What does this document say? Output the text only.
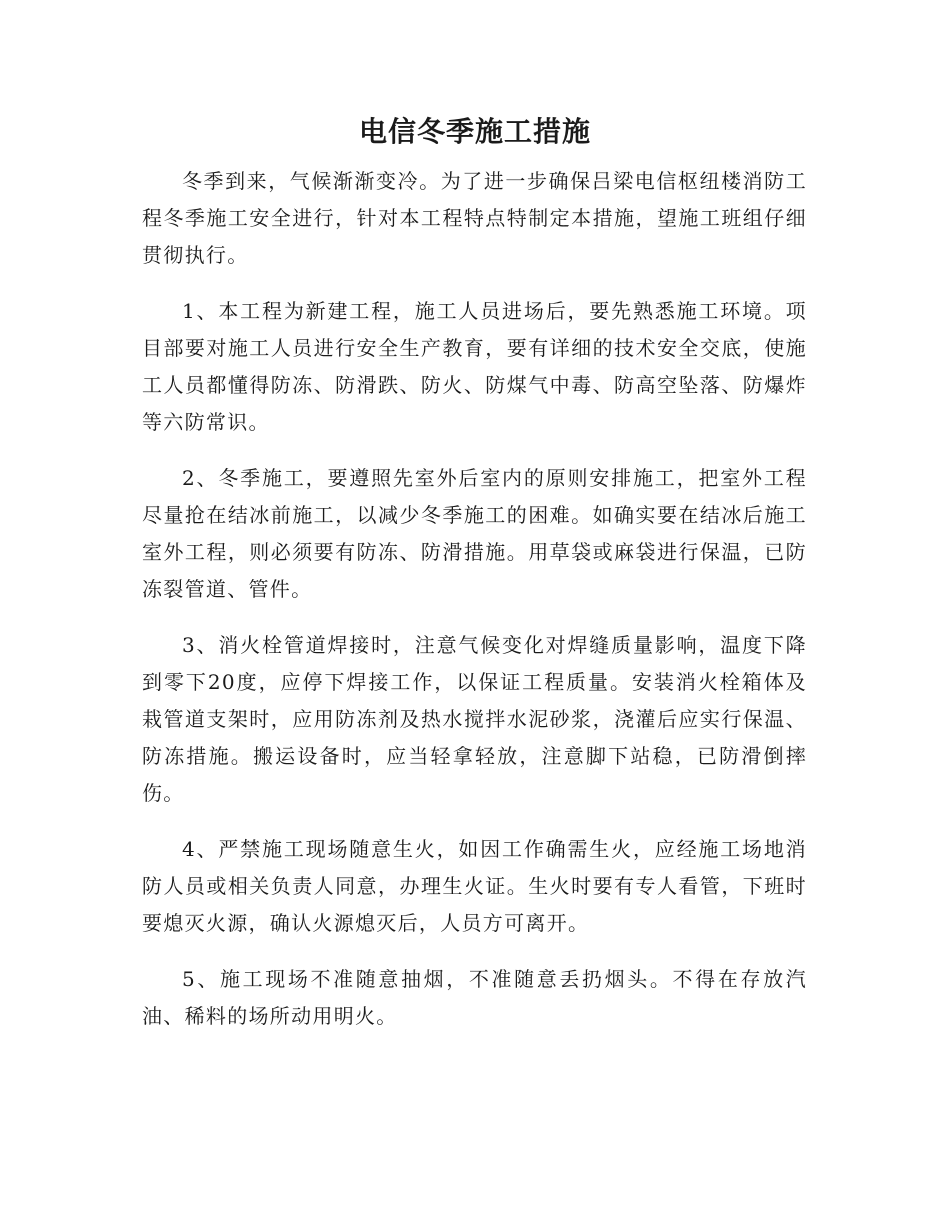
电信冬季施工措施

冬季到来，气候渐渐变冷。为了进一步确保吕梁电信枢纽楼消防工程冬季施工安全进行，针对本工程特点特制定本措施，望施工班组仔细贯彻执行。

1、本工程为新建工程，施工人员进场后，要先熟悉施工环境。项目部要对施工人员进行安全生产教育，要有详细的技术安全交底，使施工人员都懂得防冻、防滑跌、防火、防煤气中毒、防高空坠落、防爆炸等六防常识。

2、冬季施工，要遵照先室外后室内的原则安排施工，把室外工程尽量抢在结冰前施工，以减少冬季施工的困难。如确实要在结冰后施工室外工程，则必须要有防冻、防滑措施。用草袋或麻袋进行保温，已防冻裂管道、管件。

3、消火栓管道焊接时，注意气候变化对焊缝质量影响，温度下降到零下20度，应停下焊接工作，以保证工程质量。安装消火栓箱体及栽管道支架时，应用防冻剂及热水搅拌水泥砂浆，浇灌后应实行保温、防冻措施。搬运设备时，应当轻拿轻放，注意脚下站稳，已防滑倒摔伤。

4、严禁施工现场随意生火，如因工作确需生火，应经施工场地消防人员或相关负责人同意，办理生火证。生火时要有专人看管，下班时要熄灭火源，确认火源熄灭后，人员方可离开。

5、施工现场不准随意抽烟，不准随意丢扔烟头。不得在存放汽油、稀料的场所动用明火。
